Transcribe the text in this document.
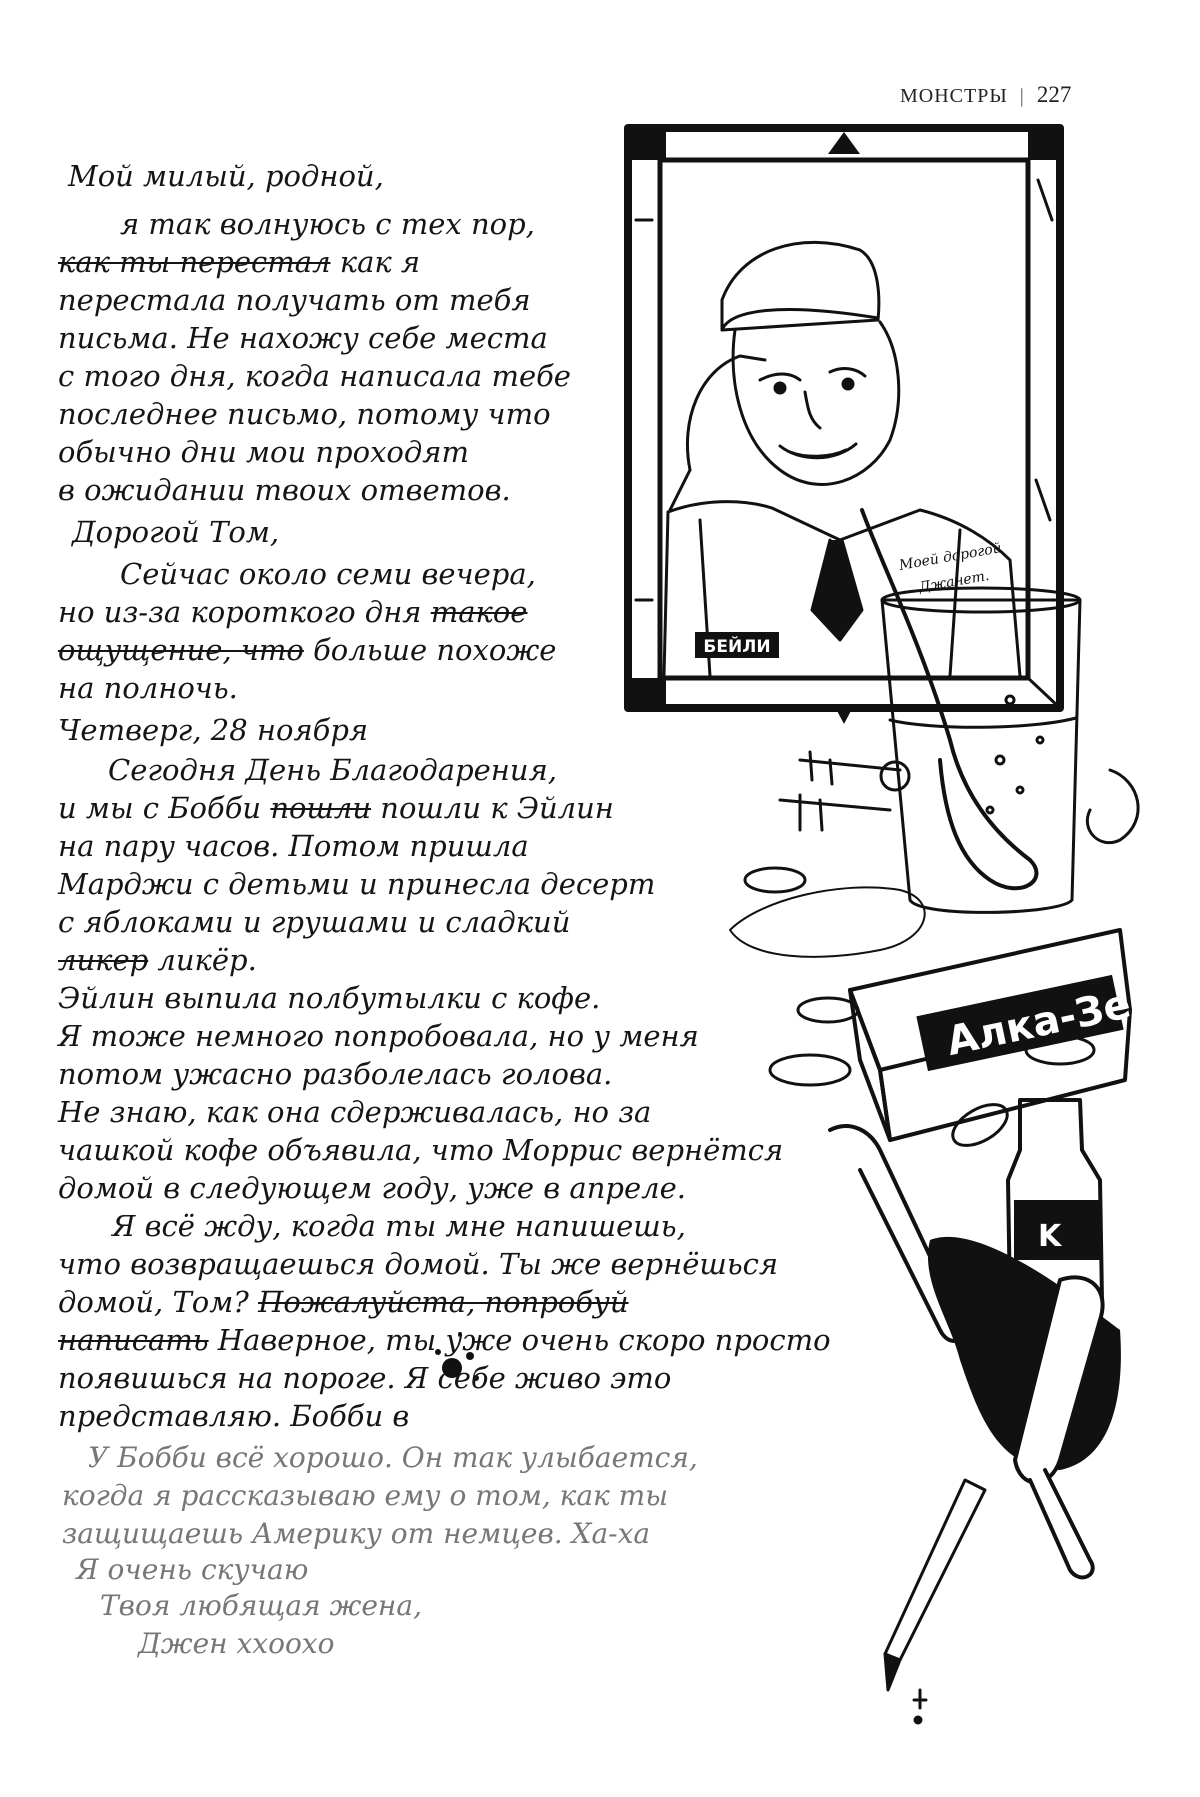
МОНСТРЫ | 227
БЕЙЛИ
Моей дорогой
Джанет.
Алка-Зе
K
Мой милый, родной,
я так волнуюсь с тех пор,
как ты перестал как я
перестала получать от тебя
письма. Не нахожу себе места
с того дня, когда написала тебе
последнее письмо, потому что
обычно дни мои проходят
в ожидании твоих ответов.
Дорогой Том,
Сейчас около семи вечера,
но из-за короткого дня такое
ощущение, что больше похоже
на полночь.
Четверг, 28 ноября
Сегодня День Благодарения,
и мы с Бобби пошли пошли к Эйлин
на пару часов. Потом пришла
Марджи с детьми и принесла десерт
с яблоками и грушами и сладкий
ликер ликёр.
Эйлин выпила полбутылки с кофе.
Я тоже немного попробовала, но у меня
потом ужасно разболелась голова.
Не знаю, как она сдерживалась, но за
чашкой кофе объявила, что Моррис вернётся
домой в следующем году, уже в апреле.
Я всё жду, когда ты мне напишешь,
что возвращаешься домой. Ты же вернёшься
домой, Том? Пожалуйста, попробуй
написать Наверное, ты уже очень скоро просто
появишься на пороге. Я себе живо это
представляю. Бобби в
У Бобби всё хорошо. Он так улыбается,
когда я рассказываю ему о том, как ты
защищаешь Америку от немцев. Ха-ха
Я очень скучаю
Твоя любящая жена,
Джен xxooxo
